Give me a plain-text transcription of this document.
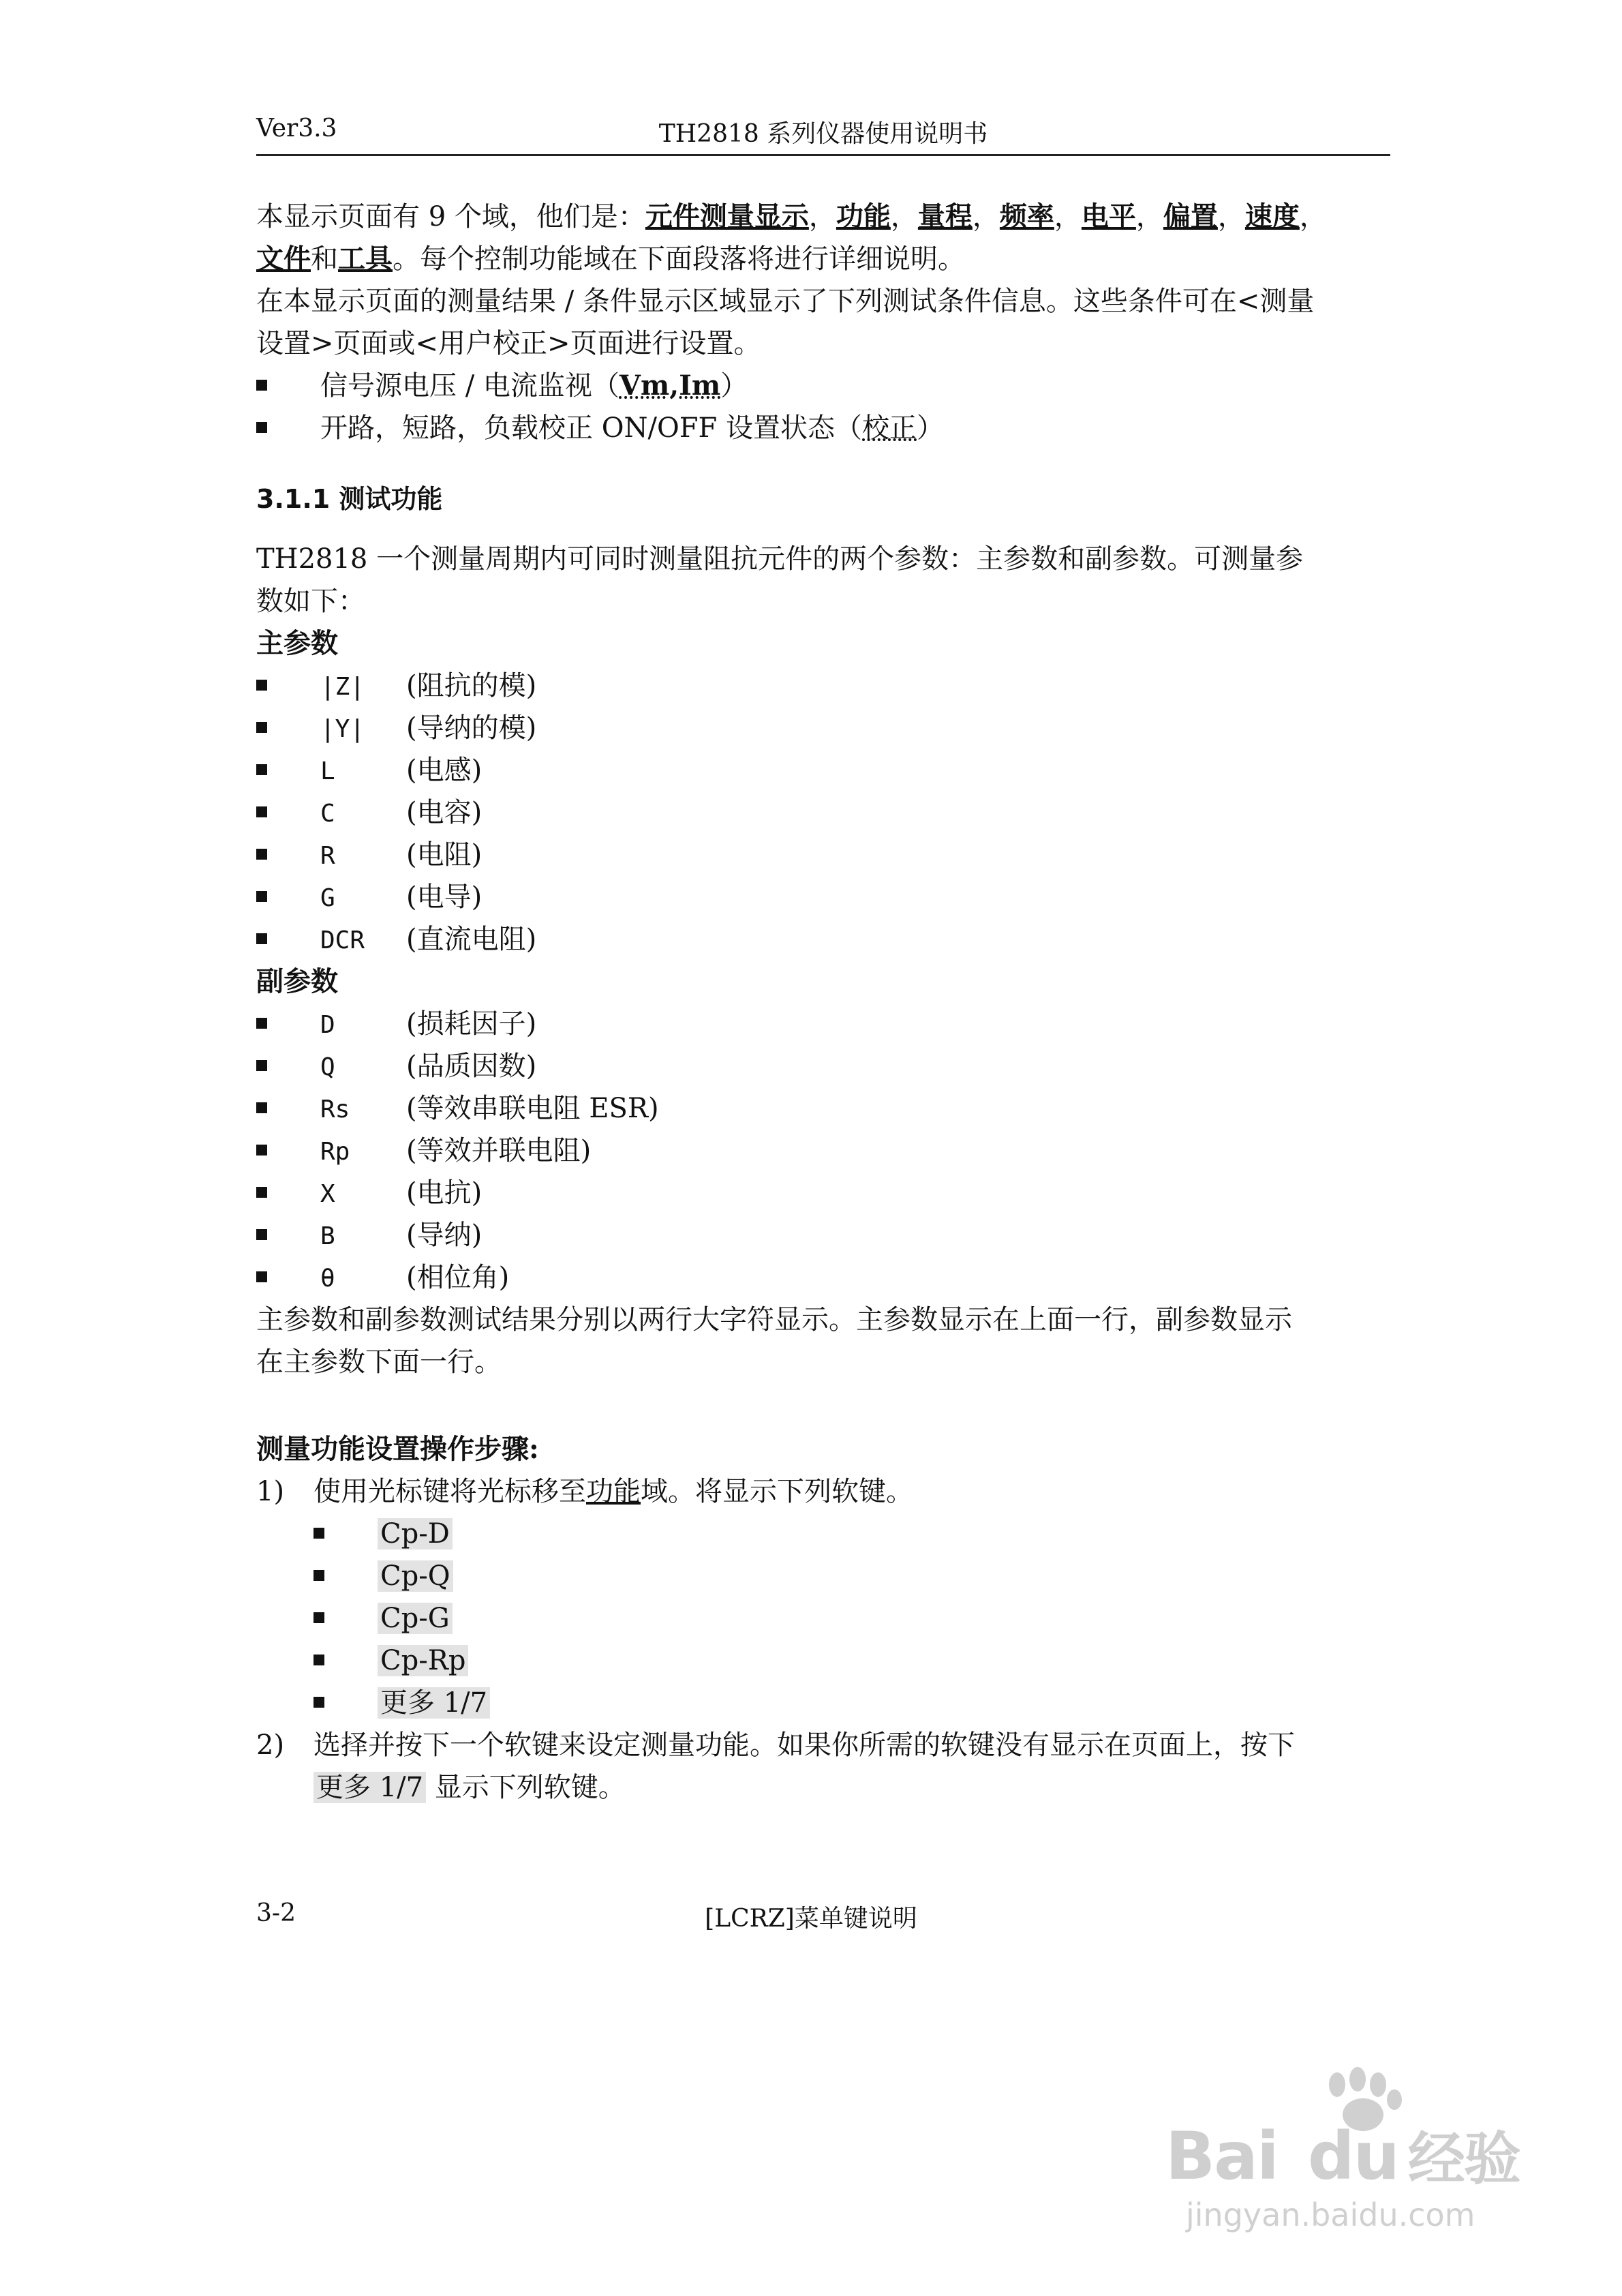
Ver3.3	TH2818 系列仪器使用说明书
本显示页面有 9 个域，他们是：元件测量显示，功能，量程，频率，电平，偏置，速度，
文件和工具。每个控制功能域在下面段落将进行详细说明。
在本显示页面的测量结果 / 条件显示区域显示了下列测试条件信息。这些条件可在<测量
设置>页面或<用户校正>页面进行设置。
信号源电压 / 电流监视（Vm,Im）
开路，短路，负载校正 ON/OFF 设置状态（校正）
3.1.1 测试功能
TH2818 一个测量周期内可同时测量阻抗元件的两个参数：主参数和副参数。可测量参
数如下：
主参数
|Z| (阻抗的模)
|Y| (导纳的模)
L	(电感)
C	(电容)
R	(电阻)
G	(电导)
DCR (直流电阻)
副参数
D	(损耗因子)
Q	(品质因数)
Rs (等效串联电阻 ESR)
Rp (等效并联电阻)
X	(电抗)
B	(导纳)
θ	(相位角)
主参数和副参数测试结果分别以两行大字符显示。主参数显示在上面一行，副参数显示
在主参数下面一行。
测量功能设置操作步骤:
1) 使用光标键将光标移至功能域。将显示下列软键。
Cp-D
Cp-Q
Cp-G
Cp-Rp
更多 1/7
2) 选择并按下一个软键来设定测量功能。如果你所需的软键没有显示在页面上，按下
更多 1/7 显示下列软键。
3-2	[LCRZ]菜单键说明
Bai du 经验
jingyan.baidu.com
